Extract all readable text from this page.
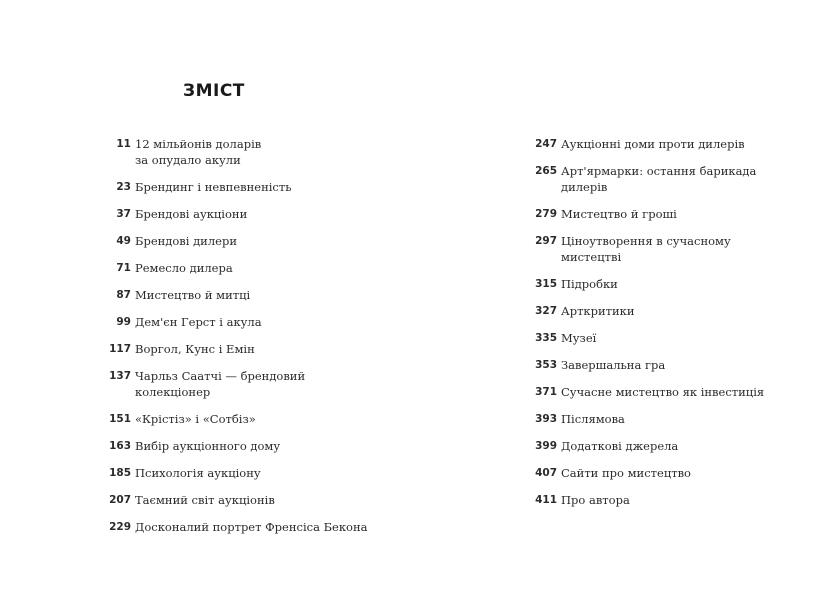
ЗМІСТ
11 12 мільйонів доларів
за опудало акули
23 Брендинг і невпевненість
37 Брендові аукціони
49 Брендові дилери
71 Ремесло дилера
87 Мистецтво й митці
99 Дем'єн Герст і акула
117 Воргол, Кунс і Емін
137 Чарльз Саатчі — брендовий
колекціонер
151 «Крістіз» і «Сотбіз»
163 Вибір аукціонного дому
185 Психологія аукціону
207 Таємний світ аукціонів
229 Досконалий портрет Френсіса Бекона
247 Аукціонні доми проти дилерів
265 Арт'ярмарки: остання барикада
дилерів
279 Мистецтво й гроші
297 Ціноутворення в сучасному
мистецтві
315 Підробки
327 Арткритики
335 Музеї
353 Завершальна гра
371 Сучасне мистецтво як інвестиція
393 Післямова
399 Додаткові джерела
407 Сайти про мистецтво
411 Про автора
